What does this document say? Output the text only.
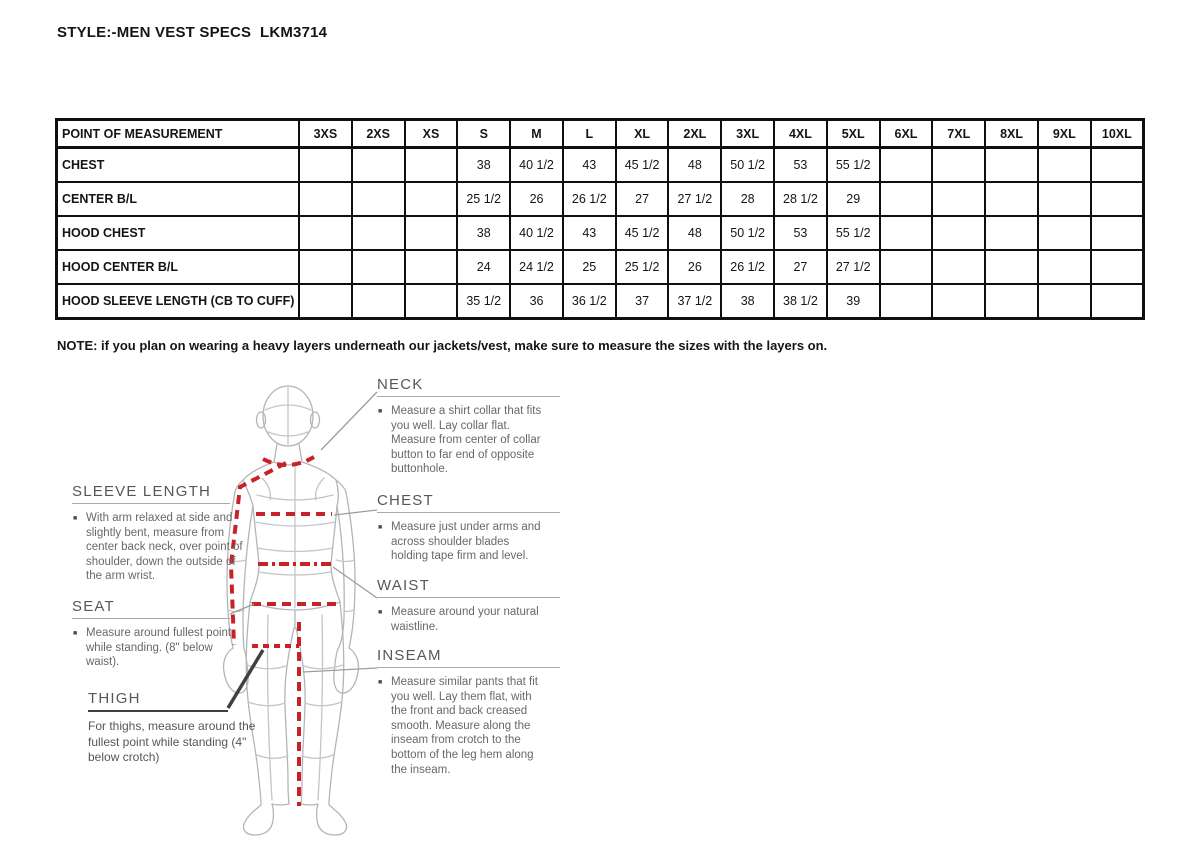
STYLE:-MEN VEST SPECS  LKM3714
POINT OF MEASUREMENT	3XS	2XS	XS	S	M	L	XL	2XL	3XL	4XL	5XL	6XL	7XL	8XL	9XL	10XL
CHEST				38	40 1/2	43	45 1/2	48	50 1/2	53	55 1/2					
CENTER B/L				25 1/2	26	26 1/2	27	27 1/2	28	28 1/2	29					
HOOD CHEST				38	40 1/2	43	45 1/2	48	50 1/2	53	55 1/2					
HOOD CENTER B/L				24	24 1/2	25	25 1/2	26	26 1/2	27	27 1/2					
HOOD SLEEVE LENGTH (CB TO CUFF)				35 1/2	36	36 1/2	37	37 1/2	38	38 1/2	39					
NOTE: if you plan on wearing a heavy layers underneath our jackets/vest, make sure to measure the sizes with the layers on.
SLEEVE LENGTH
■ With arm relaxed at side and slightly bent, measure from center back neck, over point of shoulder, down the outside of the arm wrist.

SEAT
■ Measure around fullest point while standing. (8" below waist).

THIGH

For thighs, measure around the fullest point while standing (4" below crotch)

NECK
■ Measure a shirt collar that fits you well. Lay collar flat. Measure from center of collar button to far end of opposite buttonhole.

CHEST
■ Measure just under arms and across shoulder blades holding tape firm and level.

WAIST
■ Measure around your natural waistline.

INSEAM
■ Measure similar pants that fit you well. Lay them flat, with the front and back creased smooth. Measure along the inseam from crotch to the bottom of the leg hem along the inseam.
